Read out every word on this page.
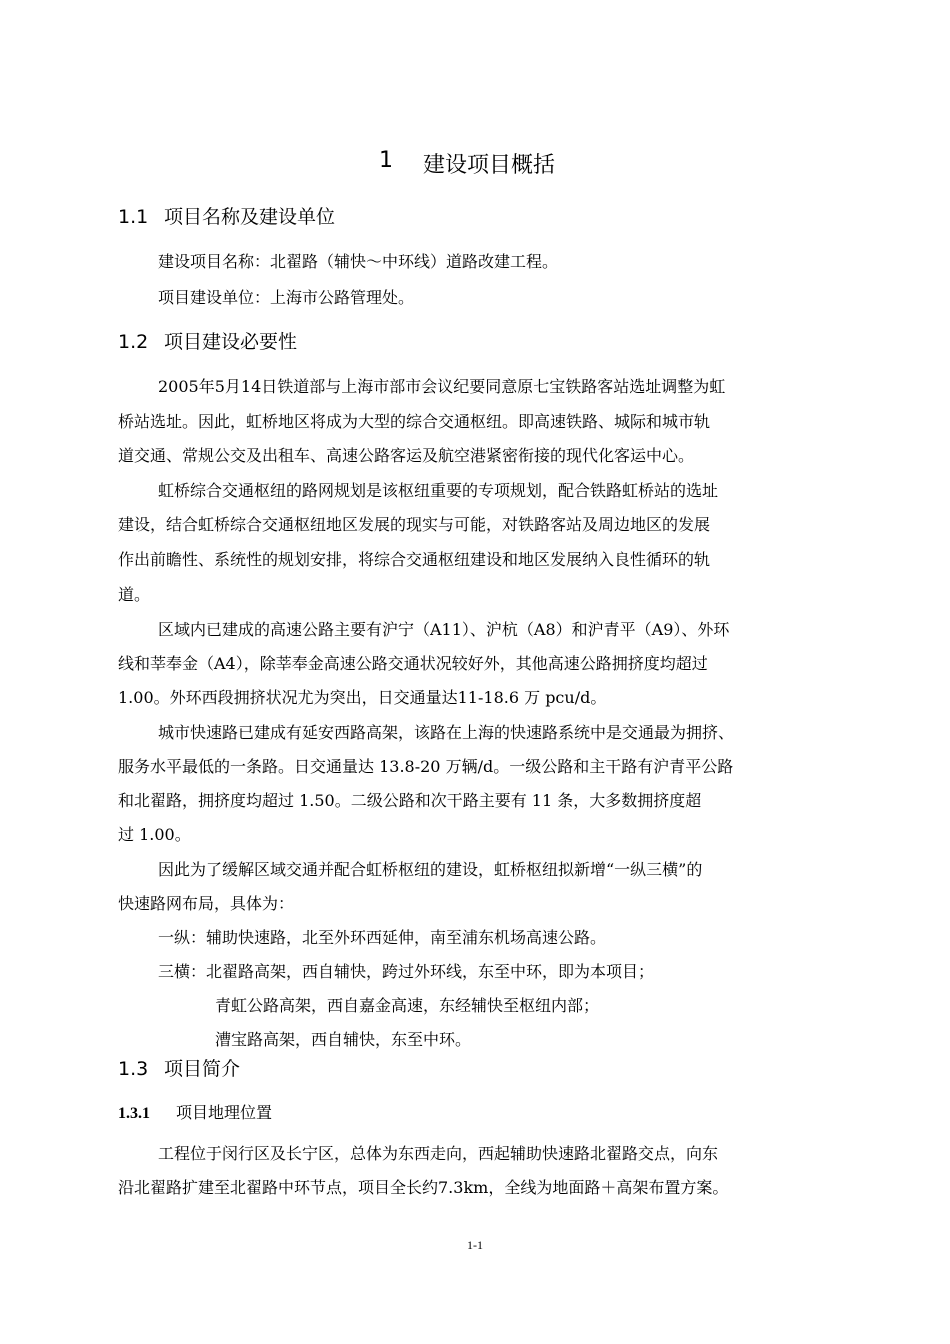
1 建设项目概括
1.1 项目名称及建设单位
建设项目名称：北翟路（辅快～中环线）道路改建工程。
项目建设单位：上海市公路管理处。
1.2 项目建设必要性
2005年5月14日铁道部与上海市部市会议纪要同意原七宝铁路客站选址调整为虹
桥站选址。因此，虹桥地区将成为大型的综合交通枢纽。即高速铁路、城际和城市轨
道交通、常规公交及出租车、高速公路客运及航空港紧密衔接的现代化客运中心。
虹桥综合交通枢纽的路网规划是该枢纽重要的专项规划，配合铁路虹桥站的选址
建设，结合虹桥综合交通枢纽地区发展的现实与可能，对铁路客站及周边地区的发展
作出前瞻性、系统性的规划安排，将综合交通枢纽建设和地区发展纳入良性循环的轨
道。
区域内已建成的高速公路主要有沪宁（A11）、沪杭（A8）和沪青平（A9）、外环
线和莘奉金（A4），除莘奉金高速公路交通状况较好外，其他高速公路拥挤度均超过
1.00。外环西段拥挤状况尤为突出，日交通量达11-18.6 万 pcu/d。
城市快速路已建成有延安西路高架，该路在上海的快速路系统中是交通最为拥挤、
服务水平最低的一条路。日交通量达 13.8-20 万辆/d。一级公路和主干路有沪青平公路
和北翟路，拥挤度均超过 1.50。二级公路和次干路主要有 11 条，大多数拥挤度超
过 1.00。
因此为了缓解区域交通并配合虹桥枢纽的建设，虹桥枢纽拟新增“一纵三横”的
快速路网布局，具体为：
一纵：辅助快速路，北至外环西延伸，南至浦东机场高速公路。
三横：北翟路高架，西自辅快，跨过外环线，东至中环，即为本项目；
青虹公路高架，西自嘉金高速，东经辅快至枢纽内部；
漕宝路高架，西自辅快，东至中环。
1.3 项目简介
1.3.1 项目地理位置
工程位于闵行区及长宁区，总体为东西走向，西起辅助快速路北翟路交点，向东
沿北翟路扩建至北翟路中环节点，项目全长约7.3km，全线为地面路＋高架布置方案。
1-1
